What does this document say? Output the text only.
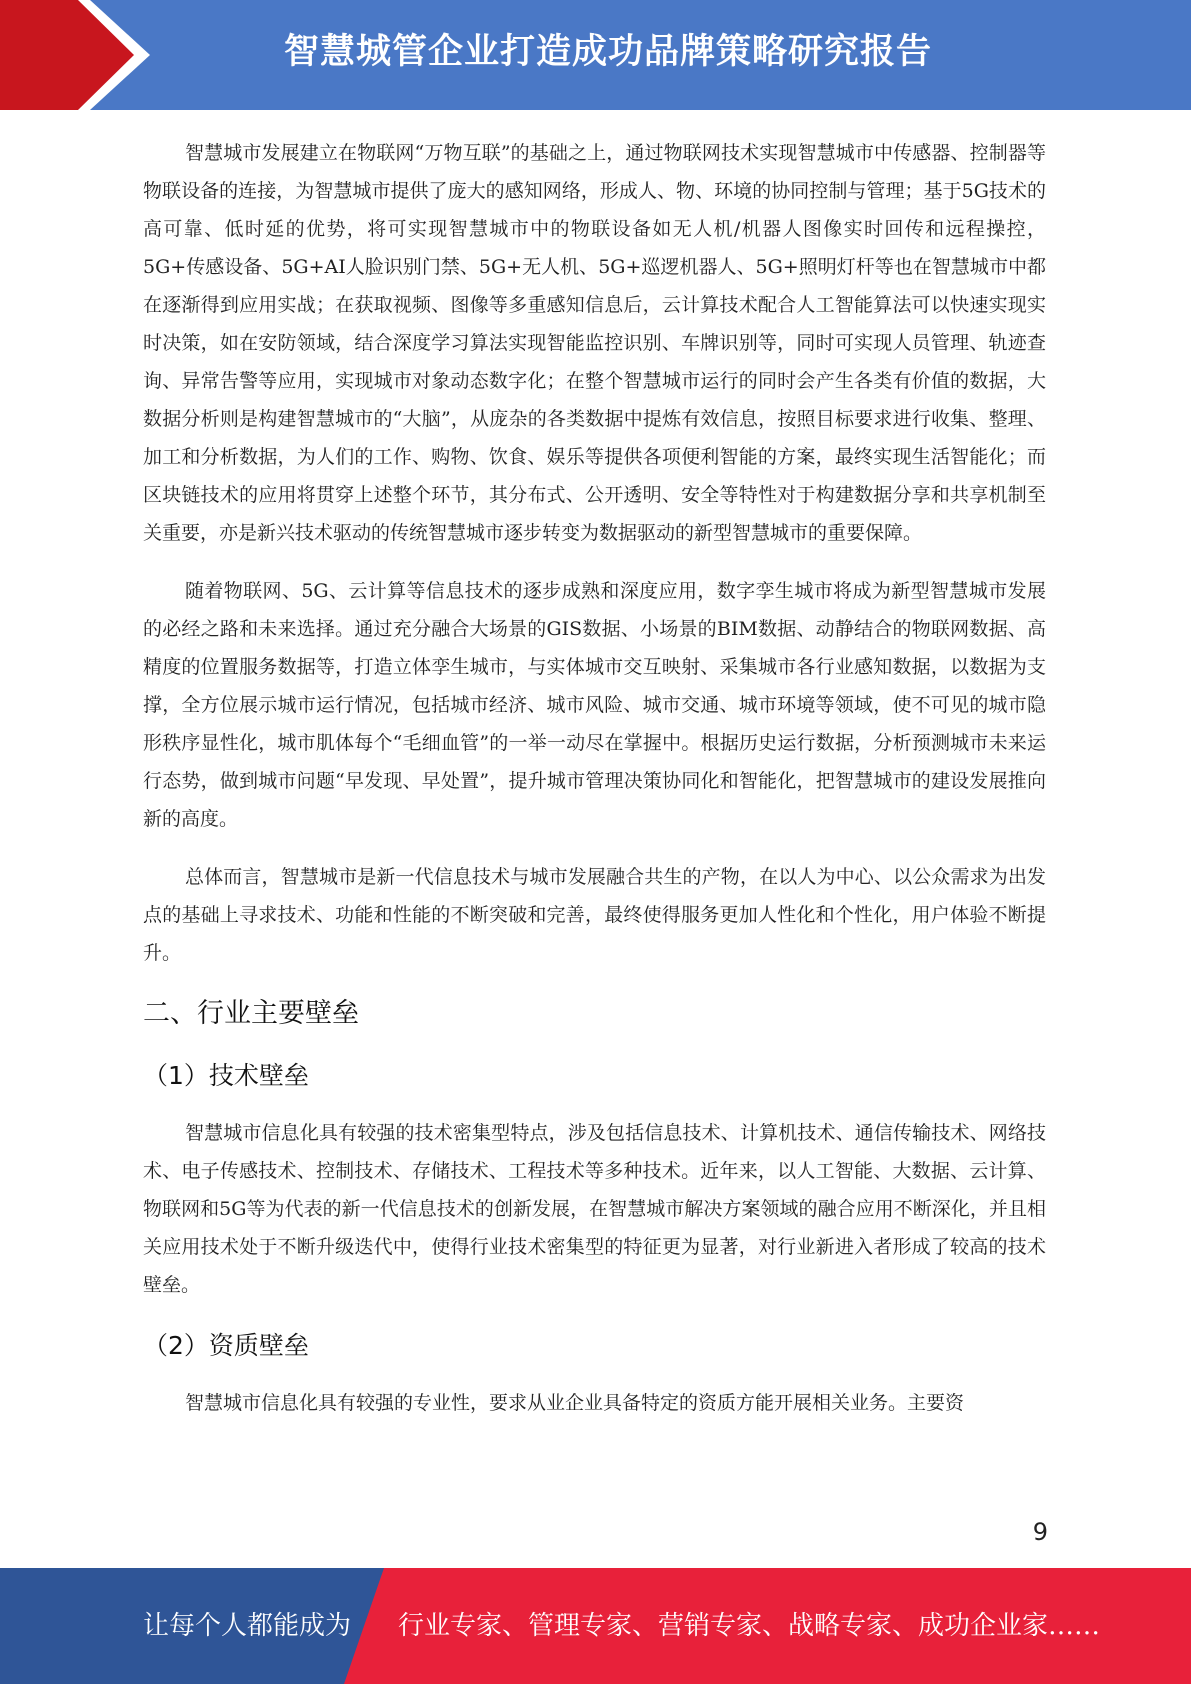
智慧城管企业打造成功品牌策略研究报告

智慧城市发展建立在物联网“万物互联”的基础之上，通过物联网技术实现智慧城市中传感器、控制器等物联设备的连接，为智慧城市提供了庞大的感知网络，形成人、物、环境的协同控制与管理；基于5G技术的高可靠、低时延的优势，将可实现智慧城市中的物联设备如无人机/机器人图像实时回传和远程操控，5G+传感设备、5G+AI人脸识别门禁、5G+无人机、5G+巡逻机器人、5G+照明灯杆等也在智慧城市中都在逐渐得到应用实战；在获取视频、图像等多重感知信息后，云计算技术配合人工智能算法可以快速实现实时决策，如在安防领域，结合深度学习算法实现智能监控识别、车牌识别等，同时可实现人员管理、轨迹查询、异常告警等应用，实现城市对象动态数字化；在整个智慧城市运行的同时会产生各类有价值的数据，大数据分析则是构建智慧城市的“大脑”，从庞杂的各类数据中提炼有效信息，按照目标要求进行收集、整理、加工和分析数据，为人们的工作、购物、饮食、娱乐等提供各项便利智能的方案，最终实现生活智能化；而区块链技术的应用将贯穿上述整个环节，其分布式、公开透明、安全等特性对于构建数据分享和共享机制至关重要，亦是新兴技术驱动的传统智慧城市逐步转变为数据驱动的新型智慧城市的重要保障。

随着物联网、5G、云计算等信息技术的逐步成熟和深度应用，数字孪生城市将成为新型智慧城市发展的必经之路和未来选择。通过充分融合大场景的GIS数据、小场景的BIM数据、动静结合的物联网数据、高精度的位置服务数据等，打造立体孪生城市，与实体城市交互映射、采集城市各行业感知数据，以数据为支撑，全方位展示城市运行情况，包括城市经济、城市风险、城市交通、城市环境等领域，使不可见的城市隐形秩序显性化，城市肌体每个“毛细血管”的一举一动尽在掌握中。根据历史运行数据，分析预测城市未来运行态势，做到城市问题“早发现、早处置”，提升城市管理决策协同化和智能化，把智慧城市的建设发展推向新的高度。

总体而言，智慧城市是新一代信息技术与城市发展融合共生的产物，在以人为中心、以公众需求为出发点的基础上寻求技术、功能和性能的不断突破和完善，最终使得服务更加人性化和个性化，用户体验不断提升。

二、行业主要壁垒
（1）技术壁垒

智慧城市信息化具有较强的技术密集型特点，涉及包括信息技术、计算机技术、通信传输技术、网络技术、电子传感技术、控制技术、存储技术、工程技术等多种技术。近年来，以人工智能、大数据、云计算、物联网和5G等为代表的新一代信息技术的创新发展，在智慧城市解决方案领域的融合应用不断深化，并且相关应用技术处于不断升级迭代中，使得行业技术密集型的特征更为显著，对行业新进入者形成了较高的技术壁垒。

（2）资质壁垒

智慧城市信息化具有较强的专业性，要求从业企业具备特定的资质方能开展相关业务。主要资

9
让每个人都能成为 行业专家、管理专家、营销专家、战略专家、成功企业家……
